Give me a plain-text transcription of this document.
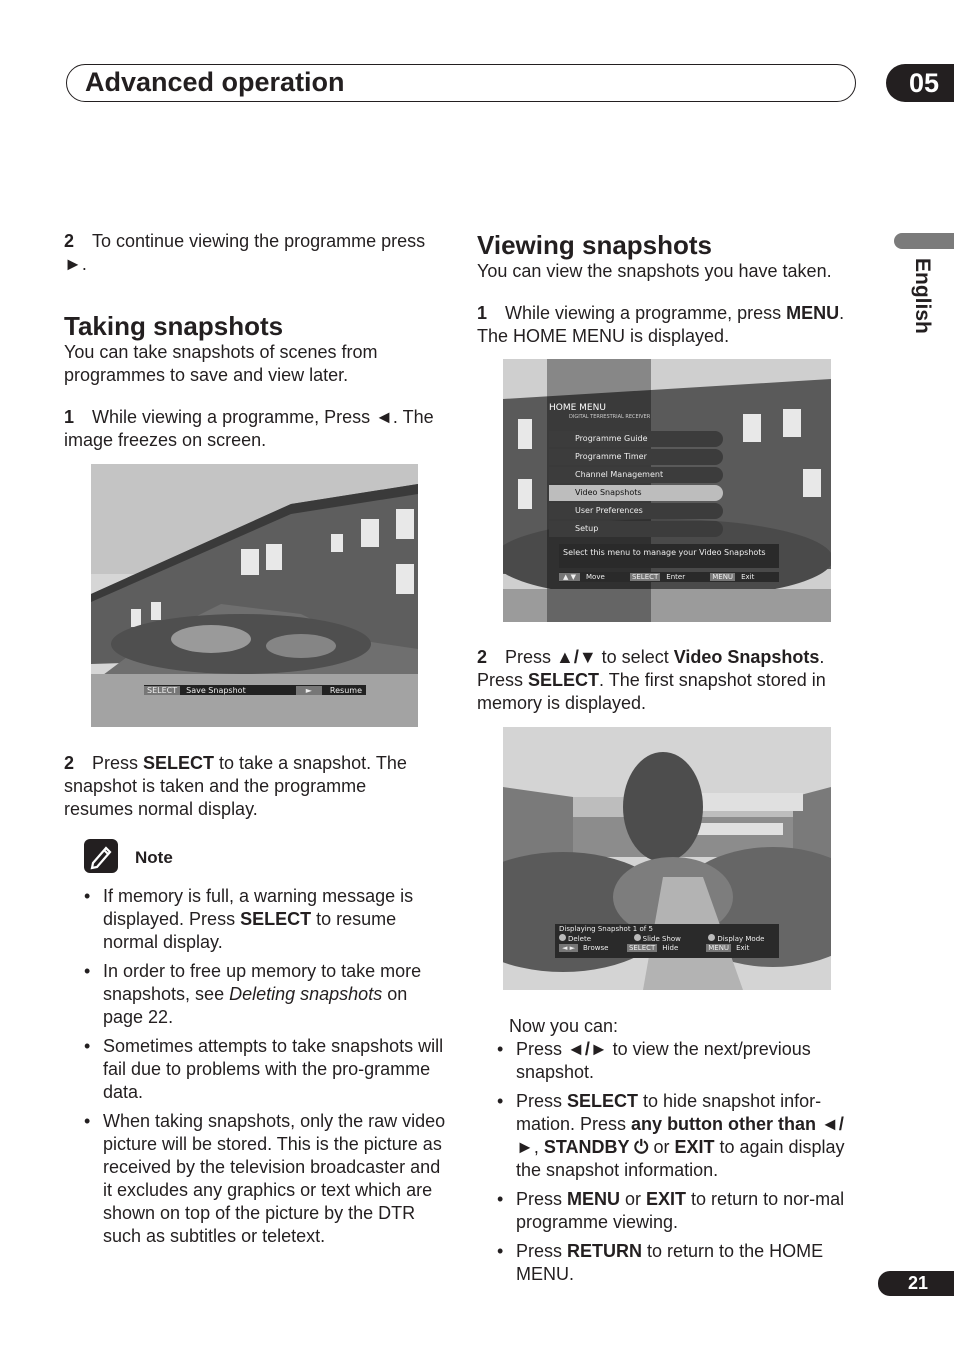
Advanced operation	05
English

2 To continue viewing the programme press ►.

Taking snapshots

You can take snapshots of scenes from programmes to save and view later.

1 While viewing a programme, Press ◄. The image freezes on screen.

SELECT	Save Snapshot	►	Resume

2 Press SELECT to take a snapshot. The snapshot is taken and the programme resumes normal display.

Note
• If memory is full, a warning message is displayed. Press SELECT to resume normal display.
• In order to free up memory to take more snapshots, see Deleting snapshots on page 22.
• Sometimes attempts to take snapshots will fail due to problems with the pro-gramme data.
• When taking snapshots, only the raw video picture will be stored. This is the picture as received by the television broadcaster and it excludes any graphics or text which are shown on top of the picture by the DTR such as subtitles or teletext.
Viewing snapshots

You can view the snapshots you have taken.

1 While viewing a programme, press MENU. The HOME MENU is displayed.

HOME MENU
DIGITAL TERRESTRIAL RECEIVER
Programme Guide
Programme Timer
Channel Management
Video Snapshots
User Preferences
Setup
Select this menu to manage your Video Snapshots
▲ ▼	Move	SELECT Enter	MENU Exit

2 Press ▲/▼ to select Video Snapshots. Press SELECT. The first snapshot stored in memory is displayed.

Displaying Snapshot 1 of 5
Delete	Slide Show	Display Mode
◄ ►	Browse	SELECT Hide	MENU Exit

Now you can:

• Press ◄/► to view the next/previous snapshot.
• Press SELECT to hide snapshot infor-mation. Press any button other than ◄/►, STANDBY ⏻ or EXIT to again display the snapshot information.
• Press MENU or EXIT to return to nor-mal programme viewing.
• Press RETURN to return to the HOME MENU.	21
